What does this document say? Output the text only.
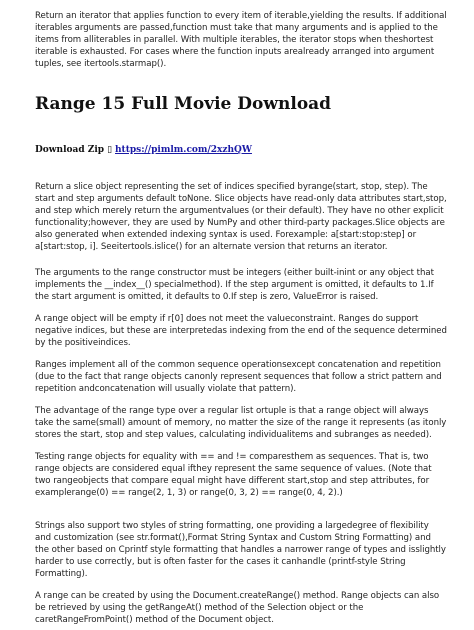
Return an iterator that applies function to every item of iterable,yielding the results. If additional iterables arguments are passed,function must take that many arguments and is applied to the items from alliterables in parallel. With multiple iterables, the iterator stops when theshortest iterable is exhausted. For cases where the function inputs arealready arranged into argument tuples, see itertools.starmap().

Range 15 Full Movie Download
Download Zip ▯ https://pimlm.com/2xzhQW

Return a slice object representing the set of indices specified byrange(start, stop, step). The start and step arguments default toNone. Slice objects have read-only data attributes start,stop, and step which merely return the argumentvalues (or their default). They have no other explicit functionality;however, they are used by NumPy and other third-party packages.Slice objects are also generated when extended indexing syntax is used. Forexample: a[start:stop:step] or a[start:stop, i]. Seeitertools.islice() for an alternate version that returns an iterator.

The arguments to the range constructor must be integers (either built-inint or any object that implements the __index__() specialmethod). If the step argument is omitted, it defaults to 1.If the start argument is omitted, it defaults to 0.If step is zero, ValueError is raised.

A range object will be empty if r[0] does not meet the valueconstraint. Ranges do support negative indices, but these are interpretedas indexing from the end of the sequence determined by the positiveindices.

Ranges implement all of the common sequence operationsexcept concatenation and repetition (due to the fact that range objects canonly represent sequences that follow a strict pattern and repetition andconcatenation will usually violate that pattern).

The advantage of the range type over a regular list ortuple is that a range object will always take the same(small) amount of memory, no matter the size of the range it represents (as itonly stores the start, stop and step values, calculating individualitems and subranges as needed).

Testing range objects for equality with == and != comparesthem as sequences. That is, two range objects are considered equal ifthey represent the same sequence of values. (Note that two rangeobjects that compare equal might have different start,stop and step attributes, for examplerange(0) == range(2, 1, 3) or range(0, 3, 2) == range(0, 4, 2).)

Strings also support two styles of string formatting, one providing a largedegree of flexibility and customization (see str.format(),Format String Syntax and Custom String Formatting) and the other based on Cprintf style formatting that handles a narrower range of types and isslightly harder to use correctly, but is often faster for the cases it canhandle (printf-style String Formatting).

A range can be created by using the Document.createRange() method. Range objects can also be retrieved by using the getRangeAt() method of the Selection object or the caretRangeFromPoint() method of the Document object.
